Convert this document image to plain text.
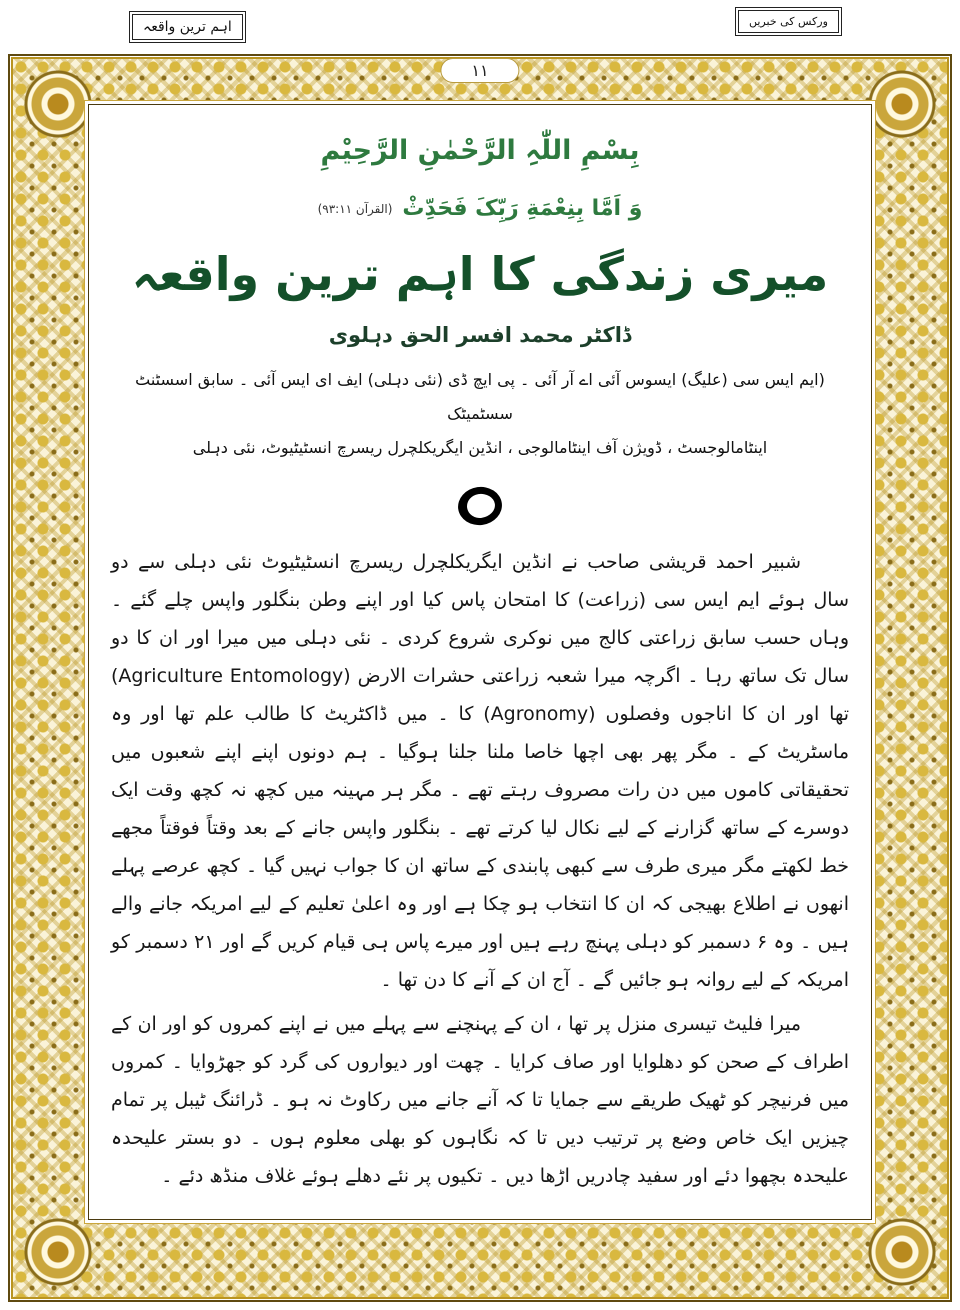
اہم ترین واقعہ	ورکس کی خبریں
۱۱
بِسْمِ اللّٰہِ الرَّحْمٰنِ الرَّحِیْمِ
وَ اَمَّا بِنِعْمَةِ رَبِّکَ فَحَدِّثْ
(القرآن ۹۳:۱۱)
میری زندگی کا اہم ترین واقعہ
ڈاکٹر محمد افسر الحق دہلوی
(ایم ایس سی (علیگ) ایسوس آئی اے آر آئی ۔ پی ایچ ڈی (نئی دہلی) ایف ای ایس آئی ۔ سابق اسسٹنٹ سسٹمیٹک
اینٹامالوجسٹ ، ڈویژن آف اینٹامالوجی ، انڈین ایگریکلچرل ریسرچ انسٹیٹیوٹ، نئی دہلی

شبیر احمد قریشی صاحب نے انڈین ایگریکلچرل ریسرچ انسٹیٹیوٹ نئی دہلی سے دو سال ہوئے ایم ایس سی (زراعت) کا امتحان پاس کیا اور اپنے وطن بنگلور واپس چلے گئے ۔ وہاں حسب سابق زراعتی کالج میں نوکری شروع کردی ۔ نئی دہلی میں میرا اور ان کا دو سال تک ساتھ رہا ۔ اگرچہ میرا شعبہ زراعتی حشرات الارض (Agriculture Entomology) تھا اور ان کا اناجوں وفصلوں (Agronomy) کا ۔ میں ڈاکٹریٹ کا طالب علم تھا اور وہ ماسٹریٹ کے ۔ مگر پھر بھی اچھا خاصا ملنا جلنا ہوگیا ۔ ہم دونوں اپنے اپنے شعبوں میں تحقیقاتی کاموں میں دن رات مصروف رہتے تھے ۔ مگر ہر مہینہ میں کچھ نہ کچھ وقت ایک دوسرے کے ساتھ گزارنے کے لیے نکال لیا کرتے تھے ۔ بنگلور واپس جانے کے بعد وقتاً فوقتاً مجھے خط لکھتے مگر میری طرف سے کبھی پابندی کے ساتھ ان کا جواب نہیں گیا ۔ کچھ عرصے پہلے انھوں نے اطلاع بھیجی کہ ان کا انتخاب ہو چکا ہے اور وہ اعلیٰ تعلیم کے لیے امریکہ جانے والے ہیں ۔ وہ ۶ دسمبر کو دہلی پہنچ رہے ہیں اور میرے پاس ہی قیام کریں گے اور ۲۱ دسمبر کو امریکہ کے لیے روانہ ہو جائیں گے ۔ آج ان کے آنے کا دن تھا ۔

میرا فلیٹ تیسری منزل پر تھا ، ان کے پہنچنے سے پہلے میں نے اپنے کمروں کو اور ان کے اطراف کے صحن کو دھلوایا اور صاف کرایا ۔ چھت اور دیواروں کی گرد کو جھڑوایا ۔ کمروں میں فرنیچر کو ٹھیک طریقے سے جمایا تا کہ آنے جانے میں رکاوٹ نہ ہو ۔ ڈرائنگ ٹیبل پر تمام چیزیں ایک خاص وضع پر ترتیب دیں تا کہ نگاہوں کو بھلی معلوم ہوں ۔ دو بستر علیحدہ علیحدہ بچھوا دئے اور سفید چادریں اڑھا دیں ۔ تکیوں پر نئے دھلے ہوئے غلاف منڈھ دئے ۔
